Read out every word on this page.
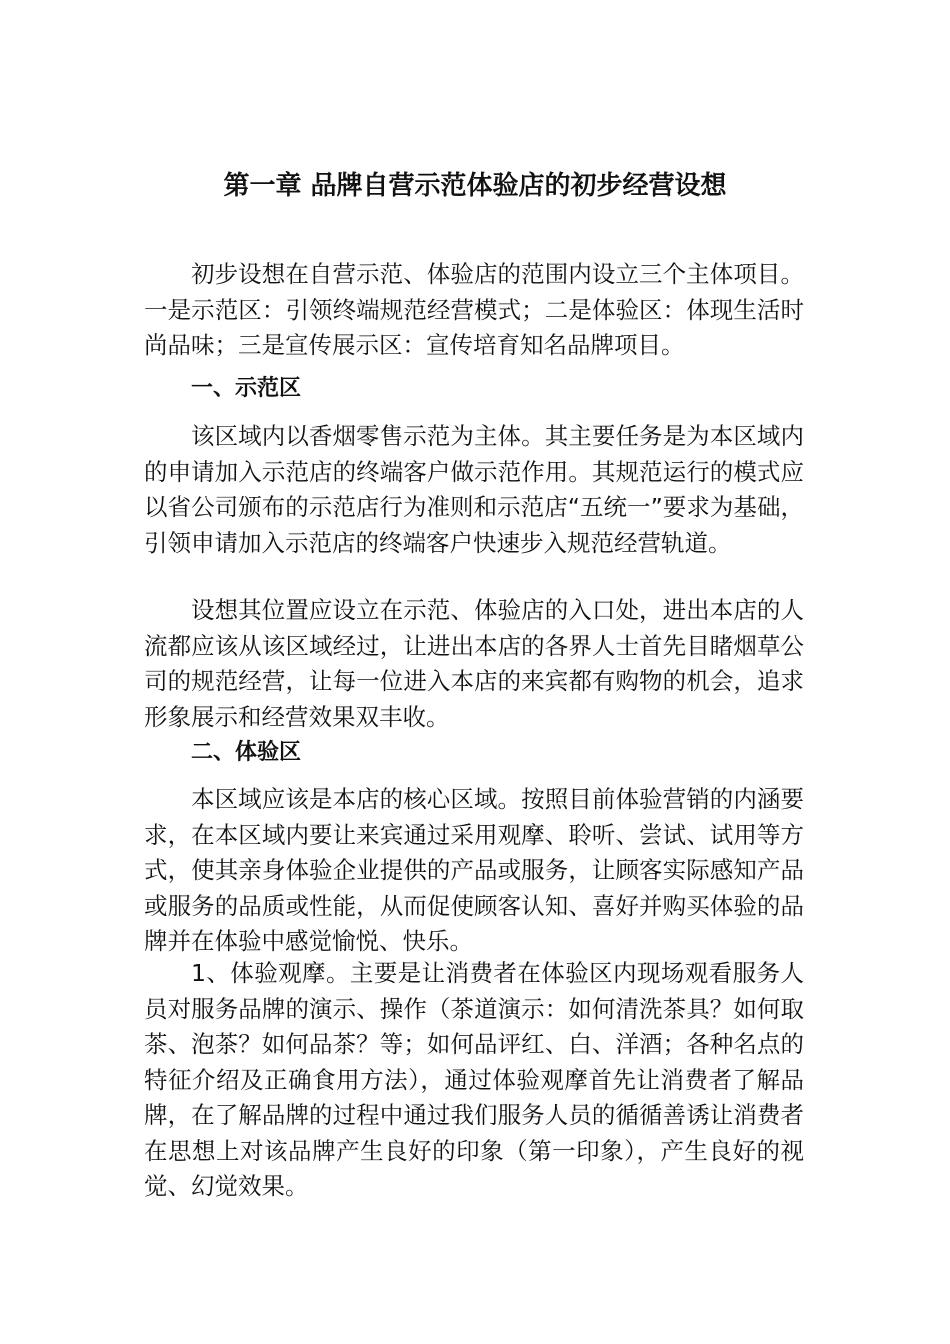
第一章 品牌自营示范体验店的初步经营设想

初步设想在自营示范、体验店的范围内设立三个主体项目。一是示范区：引领终端规范经营模式；二是体验区：体现生活时尚品味；三是宣传展示区：宣传培育知名品牌项目。

一、示范区

该区域内以香烟零售示范为主体。其主要任务是为本区域内的申请加入示范店的终端客户做示范作用。其规范运行的模式应以省公司颁布的示范店行为准则和示范店“五统一”要求为基础，引领申请加入示范店的终端客户快速步入规范经营轨道。

设想其位置应设立在示范、体验店的入口处，进出本店的人流都应该从该区域经过，让进出本店的各界人士首先目睹烟草公司的规范经营，让每一位进入本店的来宾都有购物的机会，追求形象展示和经营效果双丰收。

二、体验区

本区域应该是本店的核心区域。按照目前体验营销的内涵要求，在本区域内要让来宾通过采用观摩、聆听、尝试、试用等方式，使其亲身体验企业提供的产品或服务，让顾客实际感知产品或服务的品质或性能，从而促使顾客认知、喜好并购买体验的品牌并在体验中感觉愉悦、快乐。

1、体验观摩。主要是让消费者在体验区内现场观看服务人员对服务品牌的演示、操作（茶道演示：如何清洗茶具？如何取茶、泡茶？如何品茶？等；如何品评红、白、洋酒；各种名点的特征介绍及正确食用方法），通过体验观摩首先让消费者了解品牌，在了解品牌的过程中通过我们服务人员的循循善诱让消费者在思想上对该品牌产生良好的印象（第一印象），产生良好的视觉、幻觉效果。
